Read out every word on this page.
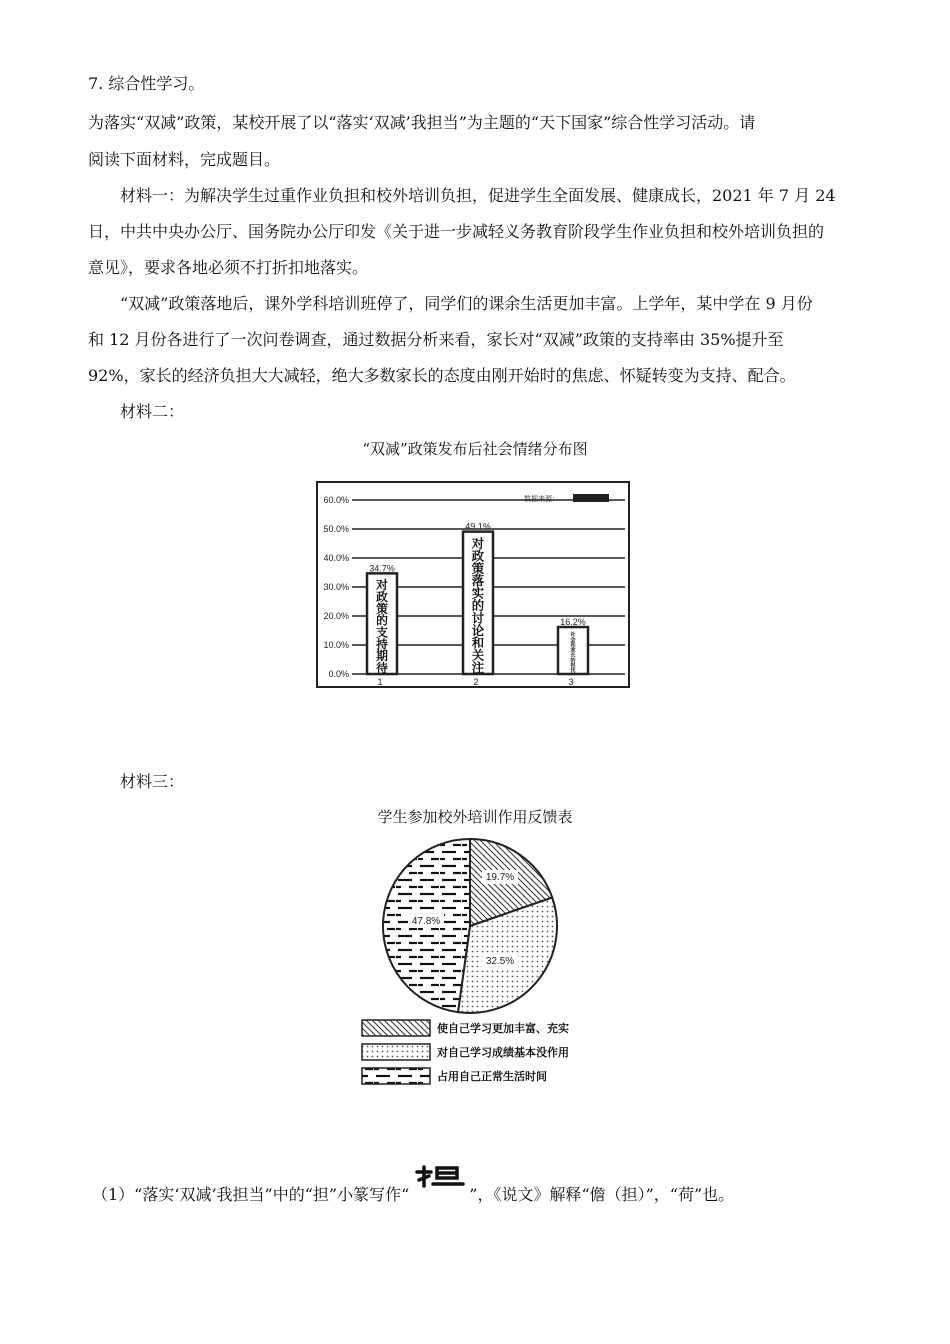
7. 综合性学习。
为落实“双减”政策，某校开展了以“落实‘双减’我担当”为主题的“天下国家”综合性学习活动。请
阅读下面材料，完成题目。
材料一：为解决学生过重作业负担和校外培训负担，促进学生全面发展、健康成长，2021 年 7 月 24
日，中共中央办公厅、国务院办公厅印发《关于进一步减轻义务教育阶段学生作业负担和校外培训负担的
意见》，要求各地必须不打折扣地落实。
“双减”政策落地后，课外学科培训班停了，同学们的课余生活更加丰富。上学年，某中学在 9 月份
和 12 月份各进行了一次问卷调查，通过数据分析来看，家长对“双减”政策的支持率由 35%提升至
92%，家长的经济负担大大减轻，绝大多数家长的态度由刚开始时的焦虑、怀疑转变为支持、配合。
材料二：
“双减”政策发布后社会情绪分布图
0.0%
10.0%
20.0%
30.0%
40.0%
50.0%
60.0%	数据来源：
34.7%
对政策的支持期待
1
49.1%
对政策落实的讨论和关注
2
16.2%
社会和家长的担忧
3
材料三：
学生参加校外培训作用反馈表
19.7%
32.5%
47.8%
使自己学习更加丰富、充实
对自己学习成绩基本没作用
占用自己正常生活时间
（1）“落实‘双减’我担当”中的“担”小篆写作“	”，《说文》解释“儋（担）”，“荷”也。
